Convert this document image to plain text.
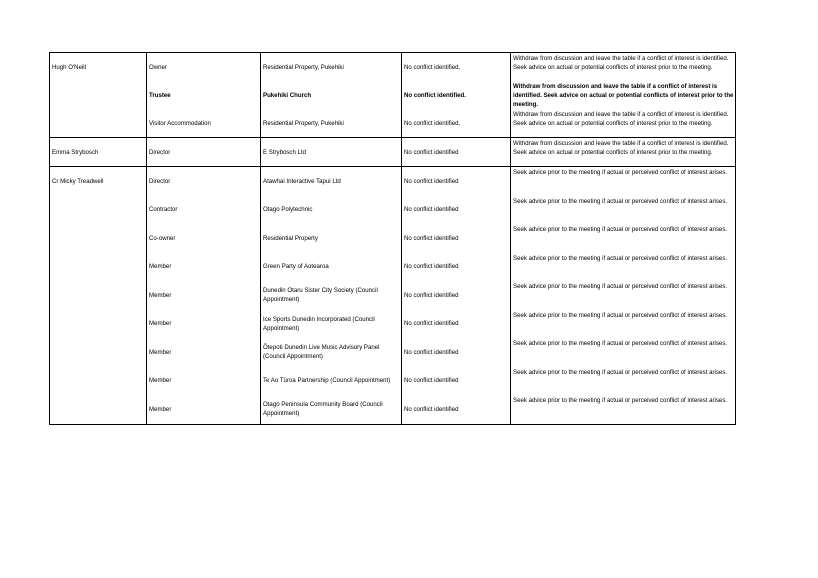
Hugh O'Neill	Owner	Residential Property, Pukehiki	No conflict identified.	Withdraw from discussion and leave the table if a conflict of interest is identified. Seek advice on actual or potential conflicts of interest prior to the meeting.
	Trustee	Pukehiki Church	No conflict identified.	Withdraw from discussion and leave the table if a conflict of interest is identified. Seek advice on actual or potential conflicts of interest prior to the meeting.
	Visitor Accommodation	Residential Property, Pukehiki	No conflict identified.	Withdraw from discussion and leave the table if a conflict of interest is identified. Seek advice on actual or potential conflicts of interest prior to the meeting.
Emma Strybosch	Director	E Strybosch Ltd	No conflict identified	Withdraw from discussion and leave the table if a conflict of interest is identified. Seek advice on actual or potential conflicts of interest prior to the meeting.
Cr Micky Treadwell	Director	Atawhai Interactive Tapui Ltd	No conflict identified	Seek advice prior to the meeting if actual or perceived conflict of interest arises.
	Contractor	Otago Polytechnic	No conflict identified	Seek advice prior to the meeting if actual or perceived conflict of interest arises.
	Co-owner	Residential Property	No conflict identified	Seek advice prior to the meeting if actual or perceived conflict of interest arises.
	Member	Green Party of Aotearoa	No conflict identified	Seek advice prior to the meeting if actual or perceived conflict of interest arises.
	Member	Dunedin Otaru Sister City Society (Council Appointment)	No conflict identified	Seek advice prior to the meeting if actual or perceived conflict of interest arises.
	Member	Ice Sports Dunedin Incorporated (Council Appointment)	No conflict identified	Seek advice prior to the meeting if actual or perceived conflict of interest arises.
	Member	Ōtepoti Dunedin Live Music Advisory Panel (Council Appointment)	No conflict identified	Seek advice prior to the meeting if actual or perceived conflict of interest arises.
	Member	Te Ao Tūroa Partnership (Council Appointment)	No conflict identified	Seek advice prior to the meeting if actual or perceived conflict of interest arises.
	Member	Otago Peninsula Community Board (Council Appointment)	No conflict identified	Seek advice prior to the meeting if actual or perceived conflict of interest arises.
